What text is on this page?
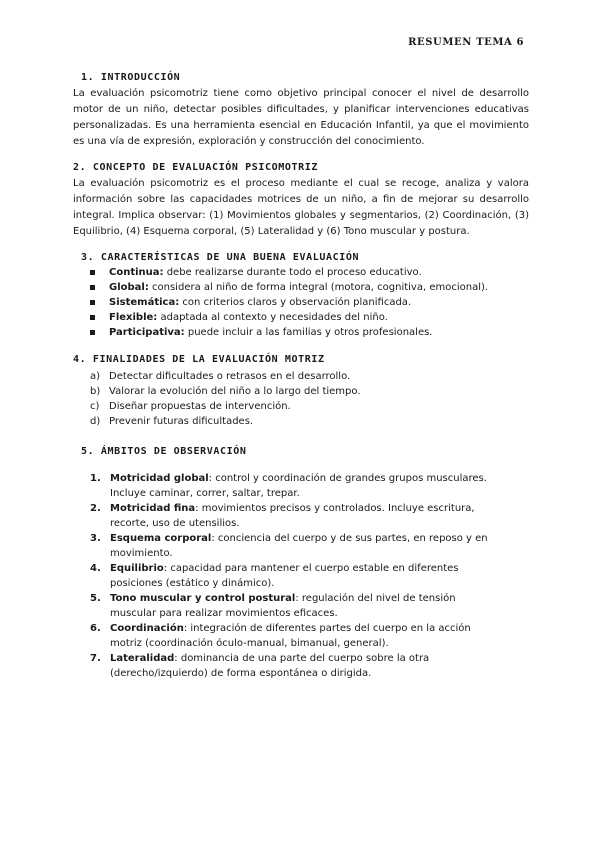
RESUMEN TEMA 6
1. INTRODUCCIÓN

La evaluación psicomotriz tiene como objetivo principal conocer el nivel de desarrollo motor de un niño, detectar posibles dificultades, y planificar intervenciones educativas personalizadas. Es una herramienta esencial en Educación Infantil, ya que el movimiento es una vía de expresión, exploración y construcción del conocimiento.

2. CONCEPTO DE EVALUACIÓN PSICOMOTRIZ

La evaluación psicomotriz es el proceso mediante el cual se recoge, analiza y valora información sobre las capacidades motrices de un niño, a fin de mejorar su desarrollo integral. Implica observar: (1) Movimientos globales y segmentarios, (2) Coordinación, (3) Equilibrio, (4) Esquema corporal, (5) Lateralidad y (6) Tono muscular y postura.

3. CARACTERÍSTICAS DE UNA BUENA EVALUACIÓN
Continua: debe realizarse durante todo el proceso educativo.
Global: considera al niño de forma integral (motora, cognitiva, emocional).
Sistemática: con criterios claros y observación planificada.
Flexible: adaptada al contexto y necesidades del niño.
Participativa: puede incluir a las familias y otros profesionales.
4. FINALIDADES DE LA EVALUACIÓN MOTRIZ
a) Detectar dificultades o retrasos en el desarrollo.
b) Valorar la evolución del niño a lo largo del tiempo.
c) Diseñar propuestas de intervención.
d) Prevenir futuras dificultades.
5. ÁMBITOS DE OBSERVACIÓN
1. Motricidad global: control y coordinación de grandes grupos musculares. Incluye caminar, correr, saltar, trepar.
2. Motricidad fina: movimientos precisos y controlados. Incluye escritura, recorte, uso de utensilios.
3. Esquema corporal: conciencia del cuerpo y de sus partes, en reposo y en movimiento.
4. Equilibrio: capacidad para mantener el cuerpo estable en diferentes posiciones (estático y dinámico).
5. Tono muscular y control postural: regulación del nivel de tensión muscular para realizar movimientos eficaces.
6. Coordinación: integración de diferentes partes del cuerpo en la acción motriz (coordinación óculo-manual, bimanual, general).
7. Lateralidad: dominancia de una parte del cuerpo sobre la otra (derecho/izquierdo) de forma espontánea o dirigida.
